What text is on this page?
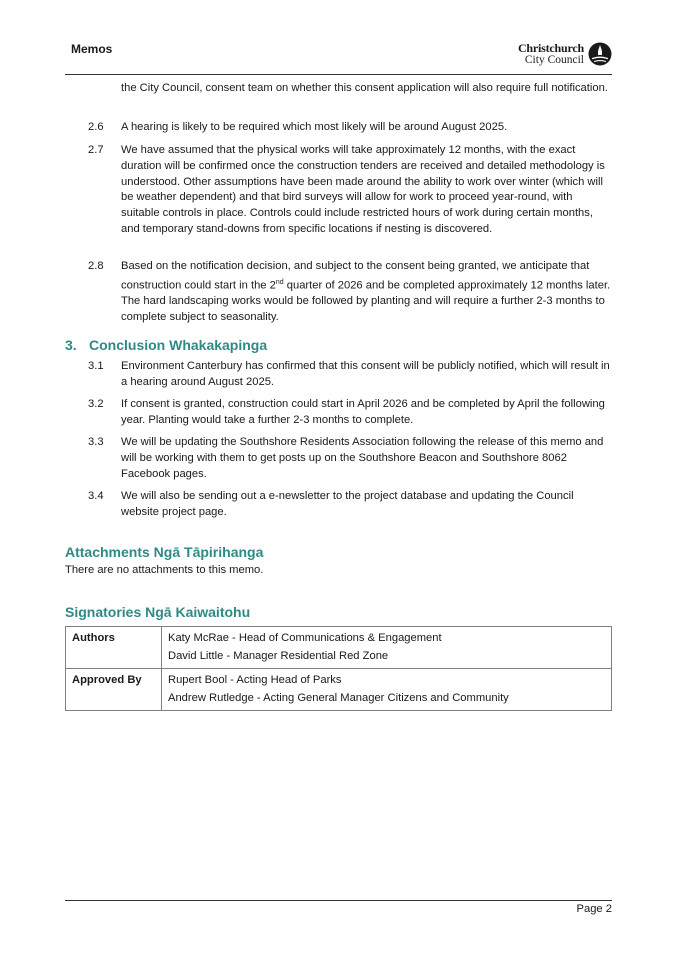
Memos	Christchurch
City Council
the City Council, consent team on whether this consent application will also require full notification.
2.6	A hearing is likely to be required which most likely will be around August 2025.
2.7	We have assumed that the physical works will take approximately 12 months, with the exact duration will be confirmed once the construction tenders are received and detailed methodology is understood. Other assumptions have been made around the ability to work over winter (which will be weather dependent) and that bird surveys will allow for work to proceed year-round, with suitable controls in place. Controls could include restricted hours of work during certain months, and temporary stand-downs from specific locations if nesting is discovered.
2.8	Based on the notification decision, and subject to the consent being granted, we anticipate that construction could start in the 2nd quarter of 2026 and be completed approximately 12 months later. The hard landscaping works would be followed by planting and will require a further 2-3 months to complete subject to seasonality.
3. Conclusion Whakakapinga
3.1	Environment Canterbury has confirmed that this consent will be publicly notified, which will result in a hearing around August 2025.
3.2	If consent is granted, construction could start in April 2026 and be completed by April the following year. Planting would take a further 2-3 months to complete.
3.3	We will be updating the Southshore Residents Association following the release of this memo and will be working with them to get posts up on the Southshore Beacon and Southshore 8062 Facebook pages.
3.4	We will also be sending out a e-newsletter to the project database and updating the Council website project page.
Attachments Ngā Tāpirihanga
There are no attachments to this memo.
Signatories Ngā Kaiwaitohu
Authors	Katy McRae - Head of Communications & Engagement
David Little - Manager Residential Red Zone

Approved By	Rupert Bool - Acting Head of Parks
Andrew Rutledge - Acting General Manager Citizens and Community
Page 2
